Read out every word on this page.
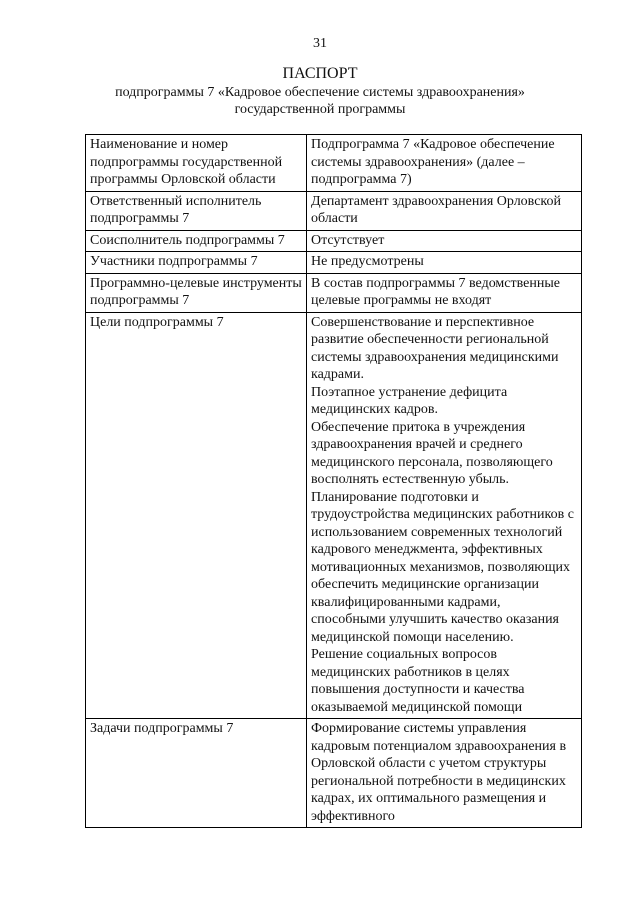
31
ПАСПОРТ
подпрограммы 7 «Кадровое обеспечение системы здравоохранения»
государственной программы
Наименование и номер подпрограммы государственной программы Орловской области	Подпрограмма 7 «Кадровое обеспечение системы здравоохранения» (далее – подпрограмма 7)

Ответственный исполнитель подпрограммы 7	Департамент здравоохранения Орловской области

Соисполнитель подпрограммы 7	Отсутствует

Участники подпрограммы 7	Не предусмотрены

Программно-целевые инструменты подпрограммы 7	В состав подпрограммы 7 ведомственные целевые программы не входят

Цели подпрограммы 7	Совершенствование и перспективное развитие обеспеченности региональной системы здравоохранения медицинскими кадрами.
Поэтапное устранение дефицита медицинских кадров.
Обеспечение притока в учреждения здравоохранения врачей и среднего медицинского персонала, позволяющего восполнять естественную убыль.
Планирование подготовки и трудоустройства медицинских работников с использованием современных технологий кадрового менеджмента, эффективных мотивационных механизмов, позволяющих обеспечить медицинские организации квалифицированными кадрами, способными улучшить качество оказания медицинской помощи населению.
Решение социальных вопросов медицинских работников в целях повышения доступности и качества оказываемой медицинской помощи

Задачи подпрограммы 7	Формирование системы управления кадровым потенциалом здравоохранения в Орловской области с учетом структуры региональной потребности в медицинских кадрах, их оптимального размещения и эффективного
